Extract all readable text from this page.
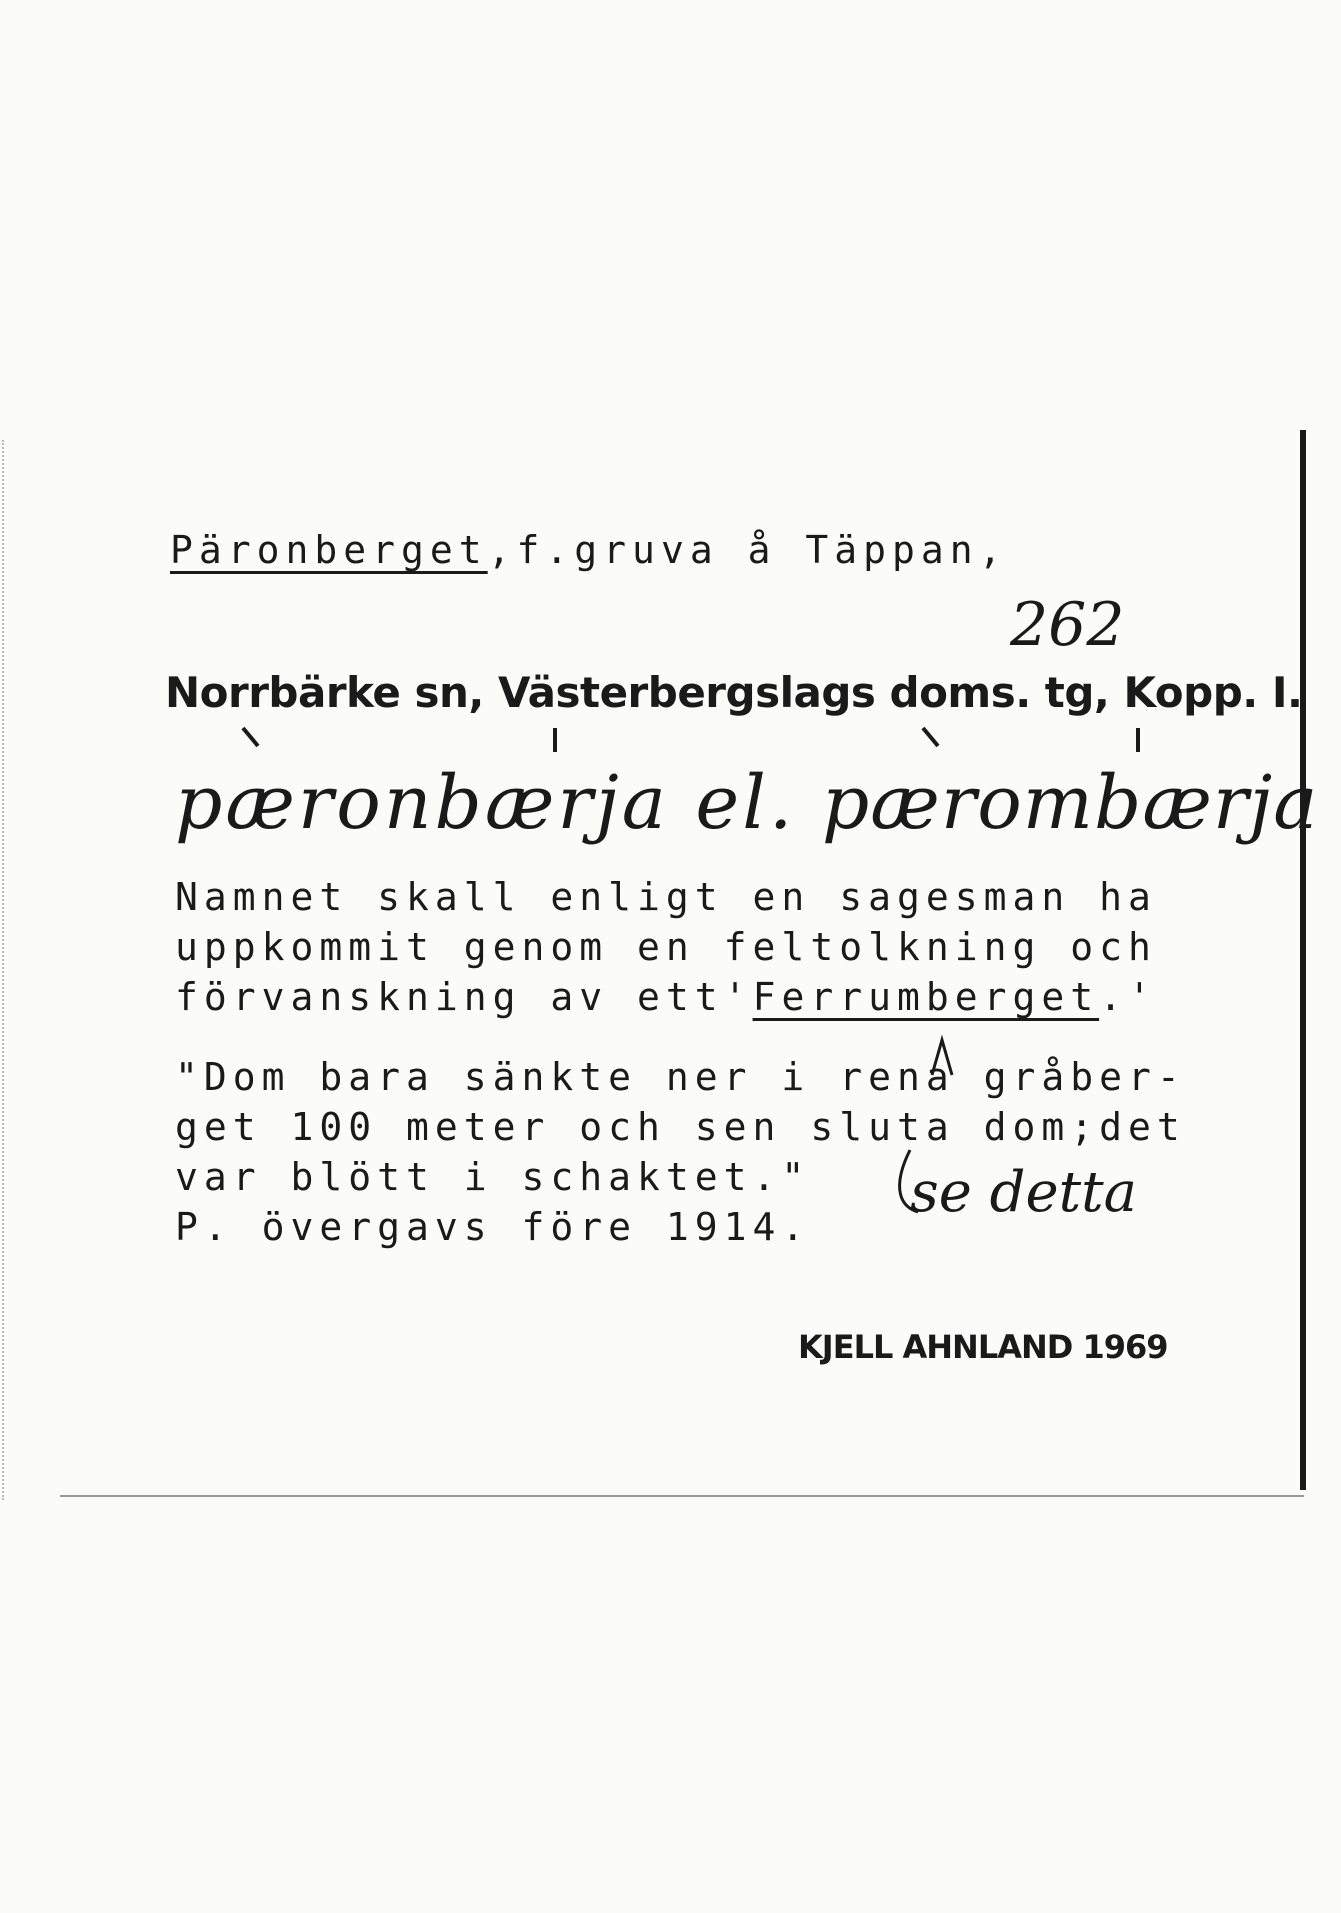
Päronberget,f.gruva å Täppan,
262
Norrbärke sn, Västerbergslags doms. tg, Kopp. I.
pæronbærja el. pærombærja
Namnet skall enligt en sagesman ha
uppkommit genom en feltolkning och
förvanskning av ett'Ferrumberget.'
"Dom bara sänkte ner i rena gråber-
get 100 meter och sen sluta dom;det
var blött i schaktet."
P. övergavs före 1914.
se detta
KJELL AHNLAND 1969
